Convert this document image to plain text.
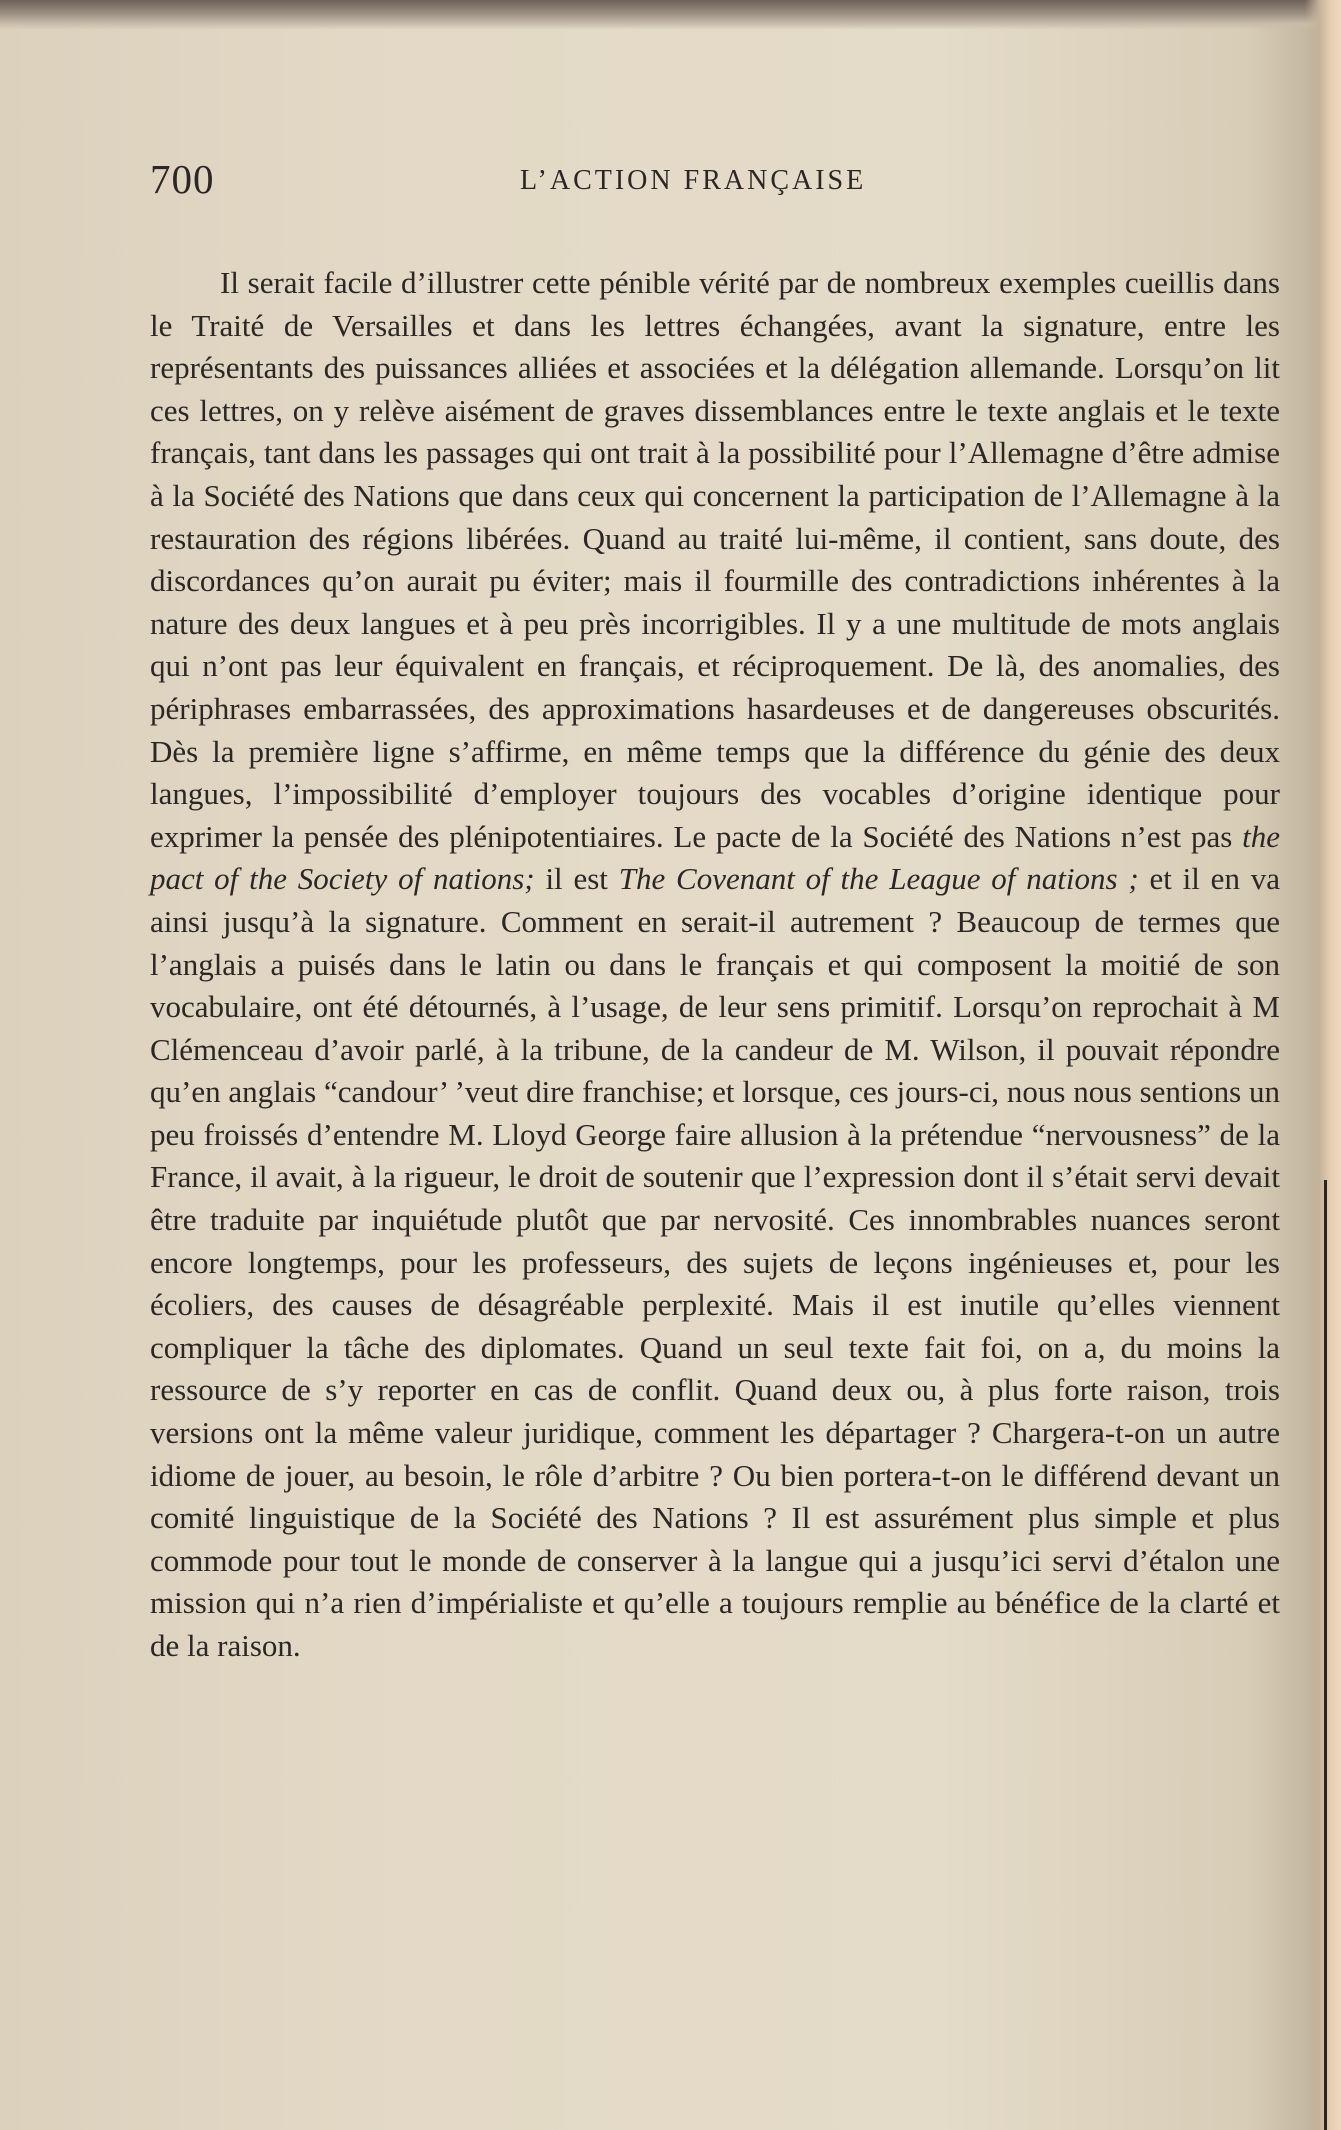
700	L’ACTION FRANÇAISE

Il serait facile d’illustrer cette pénible vérité par de nombreux exemples cueillis dans le Traité de Versailles et dans les lettres échangées, avant la signature, entre les représentants des puissances alliées et associées et la délégation allemande. Lorsqu’on lit ces lettres, on y relève aisément de graves dissemblances entre le texte anglais et le texte français, tant dans les passages qui ont trait à la possibilité pour l’Allemagne d’être admise à la Société des Nations que dans ceux qui concernent la participation de l’Allemagne à la restauration des régions libérées. Quand au traité lui-même, il contient, sans doute, des discordances qu’on aurait pu éviter; mais il fourmille des contradictions inhérentes à la nature des deux langues et à peu près incorrigibles. Il y a une multitude de mots anglais qui n’ont pas leur équivalent en français, et réciproquement. De là, des anomalies, des périphrases embarrassées, des approximations hasardeuses et de dangereuses obscurités. Dès la première ligne s’affirme, en même temps que la différence du génie des deux langues, l’impossibilité d’employer toujours des vocables d’origine identique pour exprimer la pensée des plénipotentiaires. Le pacte de la Société des Nations n’est pas the pact of the Society of nations; il est The Covenant of the League of nations ; et il en va ainsi jusqu’à la signature. Comment en serait-il autrement ? Beaucoup de termes que l’anglais a puisés dans le latin ou dans le français et qui composent la moitié de son vocabulaire, ont été détournés, à l’usage, de leur sens primitif. Lorsqu’on reprochait à M Clémenceau d’avoir parlé, à la tribune, de la candeur de M. Wilson, il pouvait répondre qu’en anglais “candour’ ’veut dire franchise; et lorsque, ces jours-ci, nous nous sentions un peu froissés d’entendre M. Lloyd George faire allusion à la prétendue “nervousness” de la France, il avait, à la rigueur, le droit de soutenir que l’expression dont il s’était servi devait être traduite par inquiétude plutôt que par nervosité. Ces innombrables nuances seront encore longtemps, pour les professeurs, des sujets de leçons ingénieuses et, pour les écoliers, des causes de désagréable perplexité. Mais il est inutile qu’elles viennent compliquer la tâche des diplomates. Quand un seul texte fait foi, on a, du moins la ressource de s’y reporter en cas de conflit. Quand deux ou, à plus forte raison, trois versions ont la même valeur juridique, comment les départager ? Chargera-t-on un autre idiome de jouer, au besoin, le rôle d’arbitre ? Ou bien portera-t-on le différend devant un comité linguistique de la Société des Nations ? Il est assurément plus simple et plus commode pour tout le monde de conserver à la langue qui a jusqu’ici servi d’étalon une mission qui n’a rien d’impérialiste et qu’elle a toujours remplie au bénéfice de la clarté et de la raison.
